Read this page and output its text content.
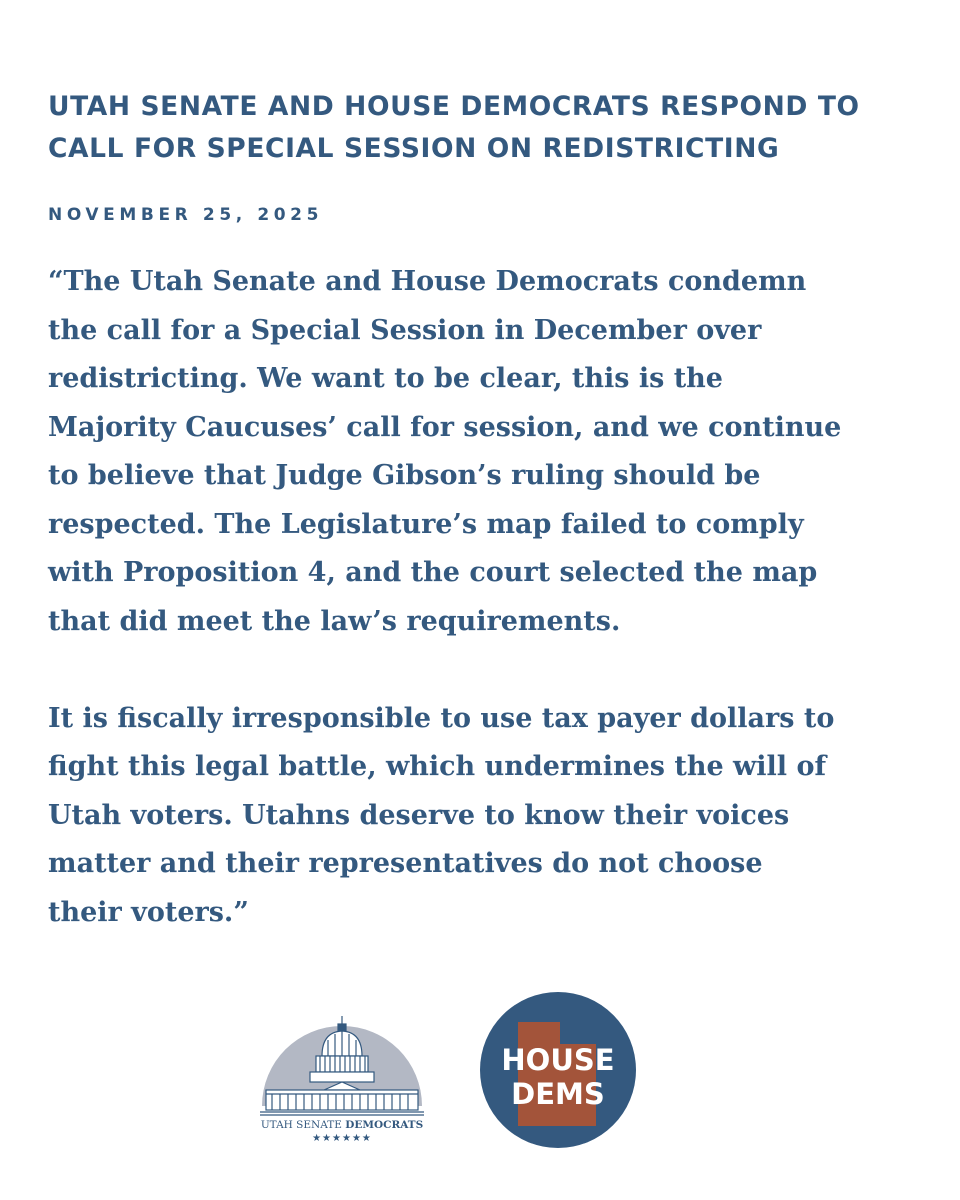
UTAH SENATE AND HOUSE DEMOCRATS RESPOND TO
CALL FOR SPECIAL SESSION ON REDISTRICTING
NOVEMBER 25, 2025

“The Utah Senate and House Democrats condemn
the call for a Special Session in December over
redistricting. We want to be clear, this is the
Majority Caucuses’ call for session, and we continue
to believe that Judge Gibson’s ruling should be
respected. The Legislature’s map failed to comply
with Proposition 4, and the court selected the map
that did meet the law’s requirements.

It is fiscally irresponsible to use tax payer dollars to
fight this legal battle, which undermines the will of
Utah voters. Utahns deserve to know their voices
matter and their representatives do not choose
their voters.”

UTAH SENATE DEMOCRATS
★★★★★★
HOUSE
DEMS
